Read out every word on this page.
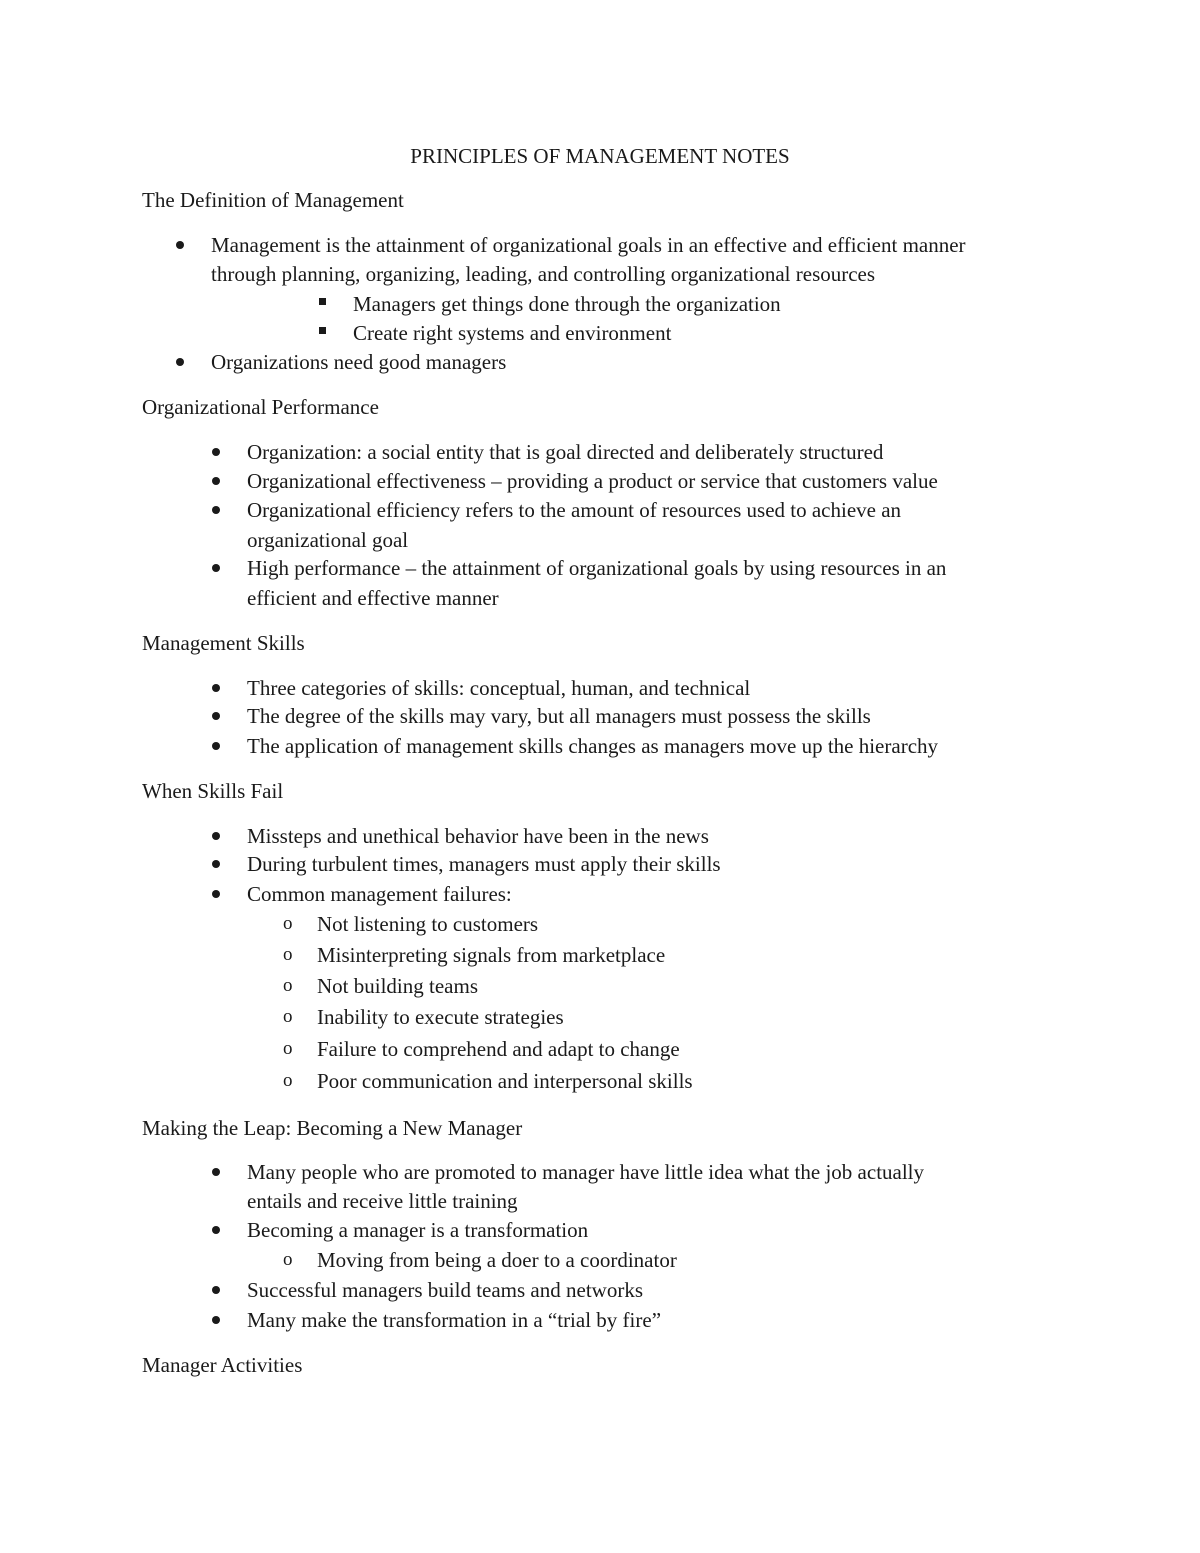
PRINCIPLES OF MANAGEMENT NOTES
The Definition of Management
Management is the attainment of organizational goals in an effective and efficient manner
through planning, organizing, leading, and controlling organizational resources
Managers get things done through the organization
Create right systems and environment
Organizations need good managers
Organizational Performance
Organization: a social entity that is goal directed and deliberately structured
Organizational effectiveness – providing a product or service that customers value
Organizational efficiency refers to the amount of resources used to achieve an
organizational goal
High performance – the attainment of organizational goals by using resources in an
efficient and effective manner
Management Skills
Three categories of skills: conceptual, human, and technical
The degree of the skills may vary, but all managers must possess the skills
The application of management skills changes as managers move up the hierarchy
When Skills Fail
Missteps and unethical behavior have been in the news
During turbulent times, managers must apply their skills
Common management failures:
o Not listening to customers
o Misinterpreting signals from marketplace
o Not building teams
o Inability to execute strategies
o Failure to comprehend and adapt to change
o Poor communication and interpersonal skills
Making the Leap: Becoming a New Manager
Many people who are promoted to manager have little idea what the job actually
entails and receive little training
Becoming a manager is a transformation
o Moving from being a doer to a coordinator
Successful managers build teams and networks
Many make the transformation in a “trial by fire”
Manager Activities
